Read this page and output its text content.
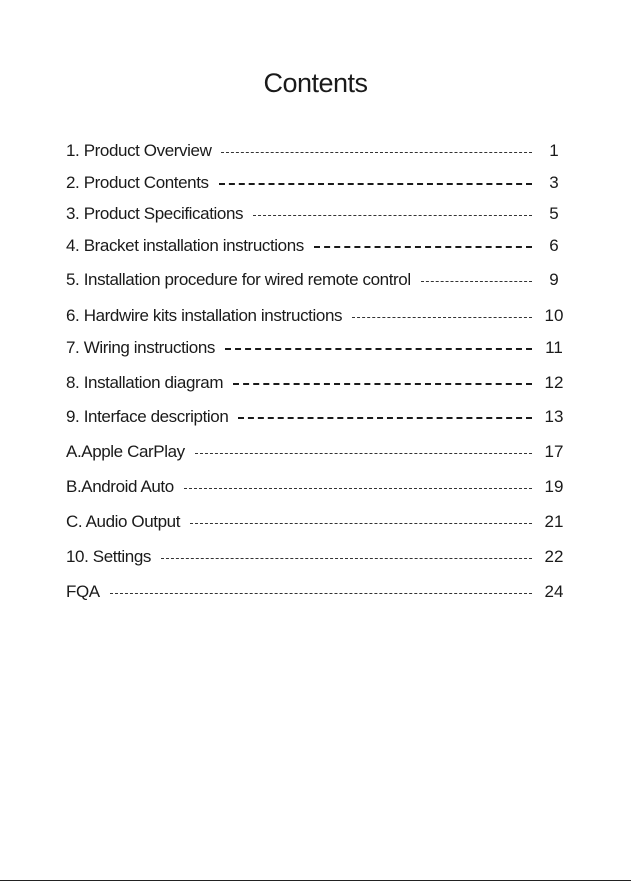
Contents
1. Product Overview	1
2. Product Contents	3
3. Product Specifications	5
4. Bracket installation instructions	6
5. Installation procedure for wired remote control	9
6. Hardwire kits installation instructions	10
7. Wiring instructions	11
8. Installation diagram	12
9. Interface description	13
A.Apple CarPlay	17
B.Android Auto	19
C. Audio Output	21
10. Settings	22
FQA	24
